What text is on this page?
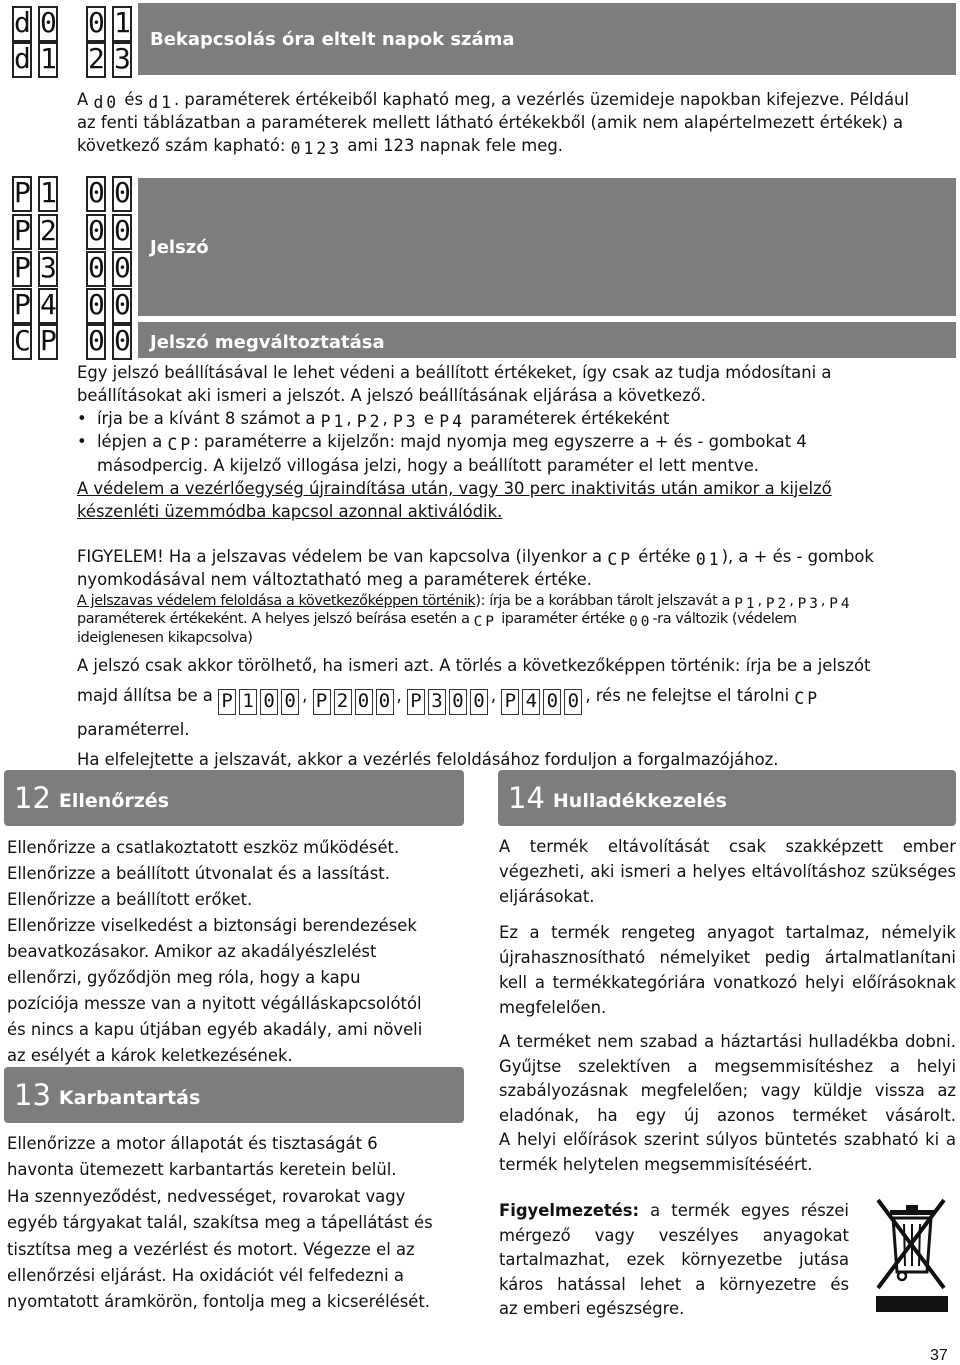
d 0 0 1
d 1 2 3
Bekapcsolás óra eltelt napok száma
A d0 és d1. paraméterek értékeiből kapható meg, a vezérlés üzemideje napokban kifejezve. Például
az fenti táblázatban a paraméterek mellett látható értékekből (amik nem alapértelmezett értékek) a
következő szám kapható: 0123 ami 123 napnak fele meg.
P 1 0 0
P 2 0 0
P 3 0 0
P 4 0 0
C P 0 0
Jelszó
Jelszó megváltoztatása
Egy jelszó beállításával le lehet védeni a beállított értékeket, így csak az tudja módosítani a
beállításokat aki ismeri a jelszót. A jelszó beállításának eljárása a következő.
• írja be a kívánt 8 számot a P1, P2, P3 e P4 paraméterek értékeként
• lépjen a CP: paraméterre a kijelzőn: majd nyomja meg egyszerre a + és - gombokat 4
másodpercig. A kijelző villogása jelzi, hogy a beállított paraméter el lett mentve.
A védelem a vezérlőegység újraindítása után, vagy 30 perc inaktivitás után amikor a kijelző
készenléti üzemmódba kapcsol azonnal aktiválódik.
FIGYELEM! Ha a jelszavas védelem be van kapcsolva (ilyenkor a CP értéke 01), a + és - gombok
nyomkodásával nem változtatható meg a paraméterek értéke.
A jelszavas védelem feloldása a következőképpen történik): írja be a korábban tárolt jelszavát a P1, P2, P3, P4
paraméterek értékeként. A helyes jelszó beírása esetén a CP iparaméter értéke 00-ra változik (védelem
ideiglenesen kikapcsolva)
A jelszó csak akkor törölhető, ha ismeri azt. A törlés a következőképpen történik: írja be a jelszót
majd állítsa be a P 1 0 0 , P 2 0 0 , P 3 0 0 , P 4 0 0 , rés ne felejtse el tárolni CP
paraméterrel.
Ha elfelejtette a jelszavát, akkor a vezérlés feloldásához forduljon a forgalmazójához.
12 Ellenőrzés
Ellenőrizze a csatlakoztatott eszköz működését.
Ellenőrizze a beállított útvonalat és a lassítást.
Ellenőrizze a beállított erőket.
Ellenőrizze viselkedést a biztonsági berendezések
beavatkozásakor. Amikor az akadályészlelést
ellenőrzi, győződjön meg róla, hogy a kapu
pozíciója messze van a nyitott végálláskapcsolótól
és nincs a kapu útjában egyéb akadály, ami növeli
az esélyét a károk keletkezésének.
13 Karbantartás
Ellenőrizze a motor állapotát és tisztaságát 6
havonta ütemezett karbantartás keretein belül.
Ha szennyeződést, nedvességet, rovarokat vagy
egyéb tárgyakat talál, szakítsa meg a tápellátást és
tisztítsa meg a vezérlést és motort. Végezze el az
ellenőrzési eljárást. Ha oxidációt vél felfedezni a
nyomtatott áramkörön, fontolja meg a kicserélését.
14 Hulladékkezelés
A termék eltávolítását csak szakképzett ember
végezheti, aki ismeri a helyes eltávolításhoz szükséges
eljárásokat.
Ez a termék rengeteg anyagot tartalmaz, némelyik
újrahasznosítható némelyiket pedig ártalmatlanítani
kell a termékkategóriára vonatkozó helyi előírásoknak
megfelelően.
A terméket nem szabad a háztartási hulladékba dobni.
Gyűjtse szelektíven a megsemmisítéshez a helyi
szabályozásnak megfelelően; vagy küldje vissza az
eladónak, ha egy új azonos terméket vásárolt.
A helyi előírások szerint súlyos büntetés szabható ki a
termék helytelen megsemmisítéséért.
Figyelmezetés: a termék egyes részei
mérgező vagy veszélyes anyagokat
tartalmazhat, ezek környezetbe jutása
káros hatással lehet a környezetre és
az emberi egészségre.
37
